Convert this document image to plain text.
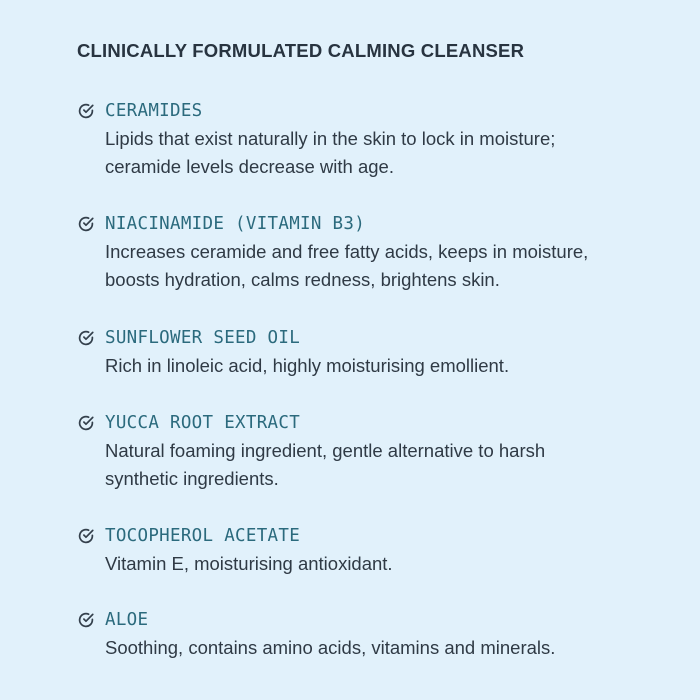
CLINICALLY FORMULATED CALMING CLEANSER
CERAMIDES
Lipids that exist naturally in the skin to lock in moisture;
ceramide levels decrease with age.
NIACINAMIDE (VITAMIN B3)
Increases ceramide and free fatty acids, keeps in moisture,
boosts hydration, calms redness, brightens skin.
SUNFLOWER SEED OIL
Rich in linoleic acid, highly moisturising emollient.
YUCCA ROOT EXTRACT
Natural foaming ingredient, gentle alternative to harsh
synthetic ingredients.
TOCOPHEROL ACETATE
Vitamin E, moisturising antioxidant.
ALOE
Soothing, contains amino acids, vitamins and minerals.
